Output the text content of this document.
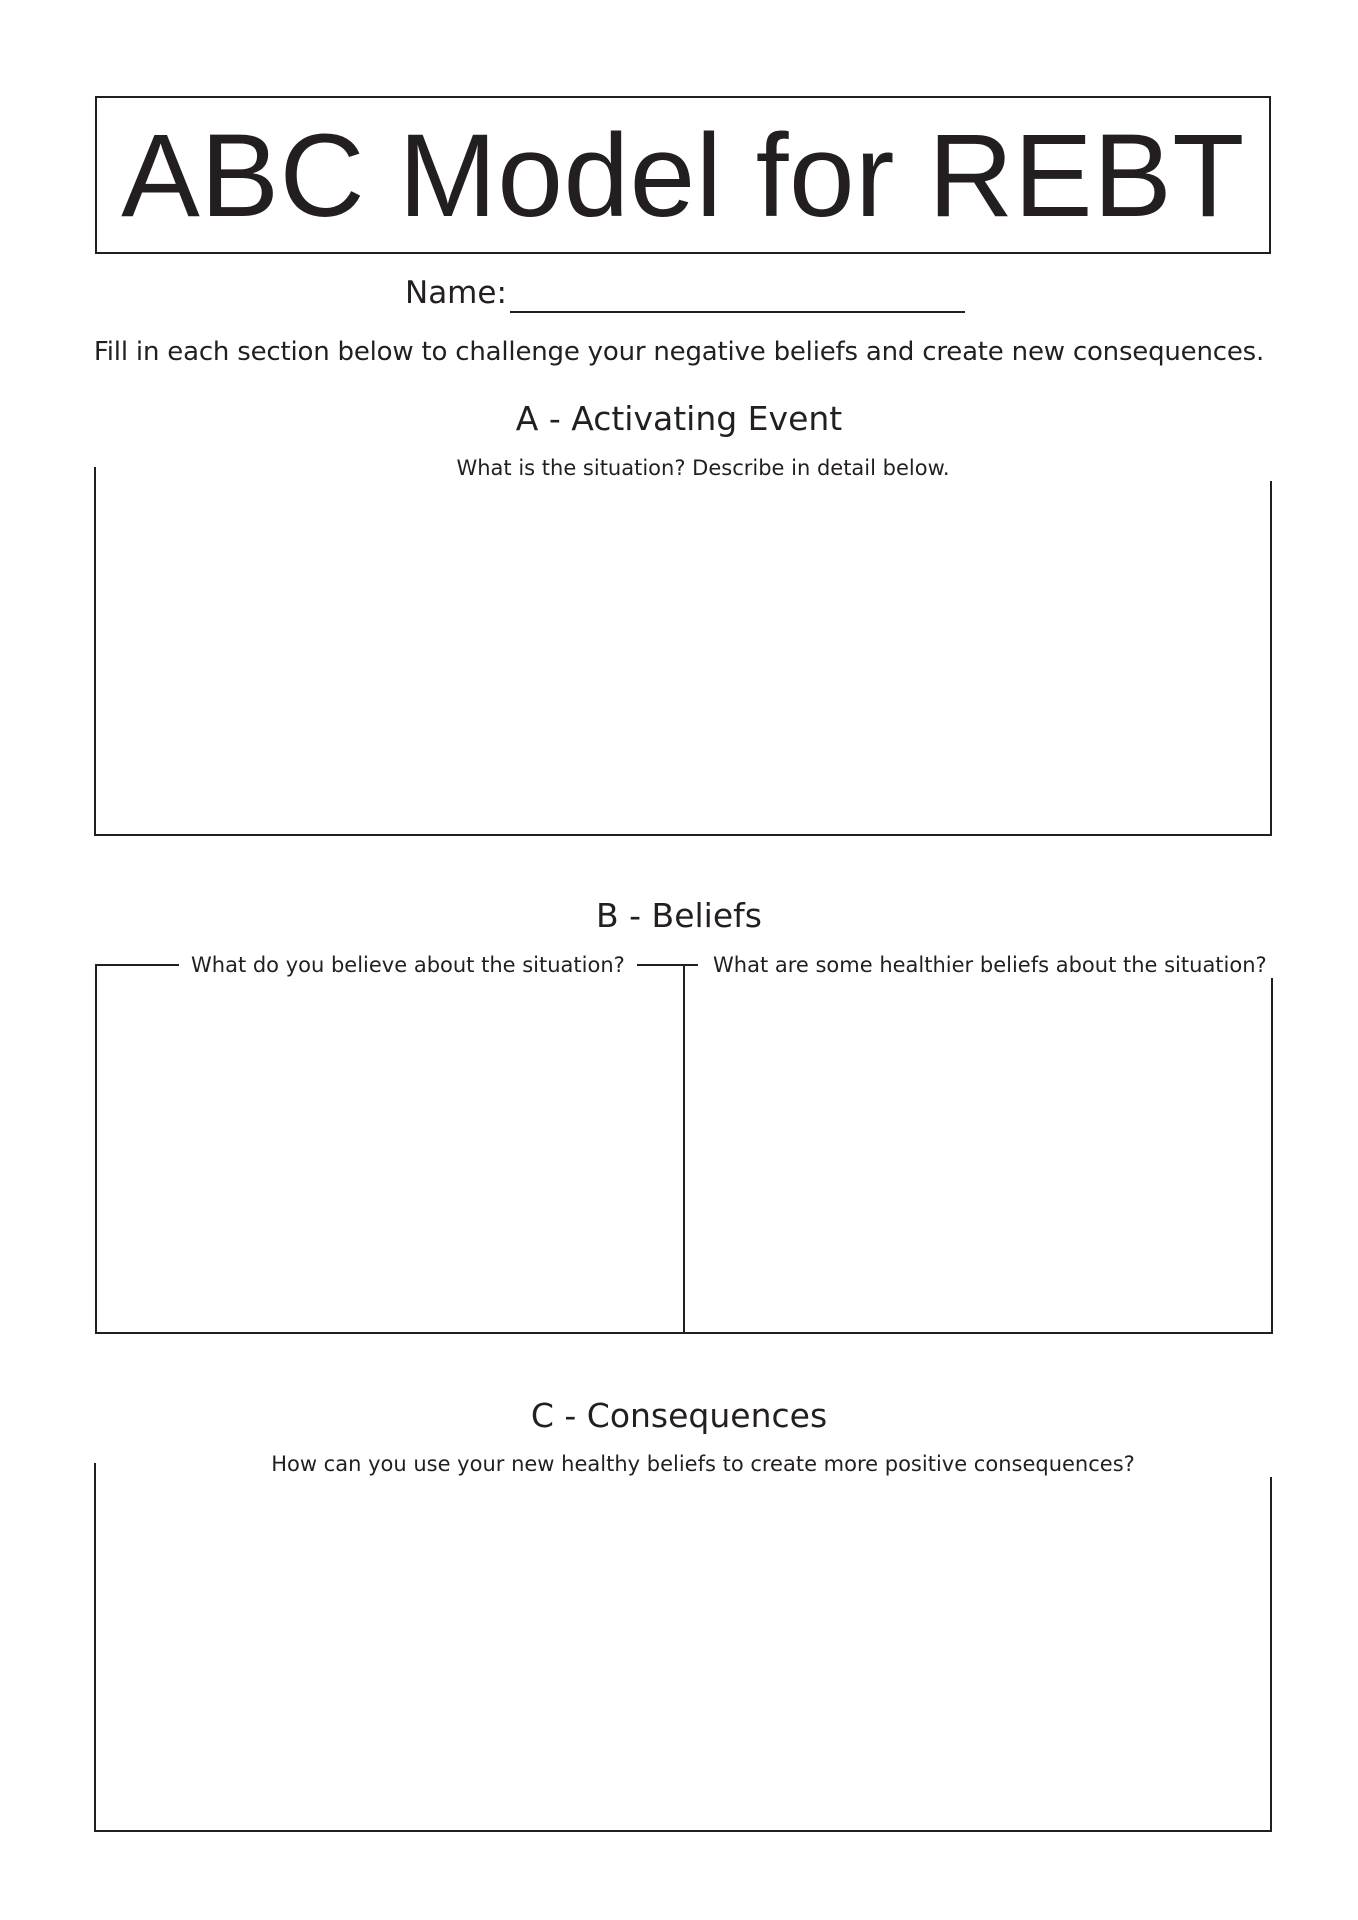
ABC Model for REBT
Name:
Fill in each section below to challenge your negative beliefs and create new consequences.
A - Activating Event
What is the situation? Describe in detail below.
B - Beliefs
What do you believe about the situation?	What are some healthier beliefs about the situation?
C - Consequences
How can you use your new healthy beliefs to create more positive consequences?
